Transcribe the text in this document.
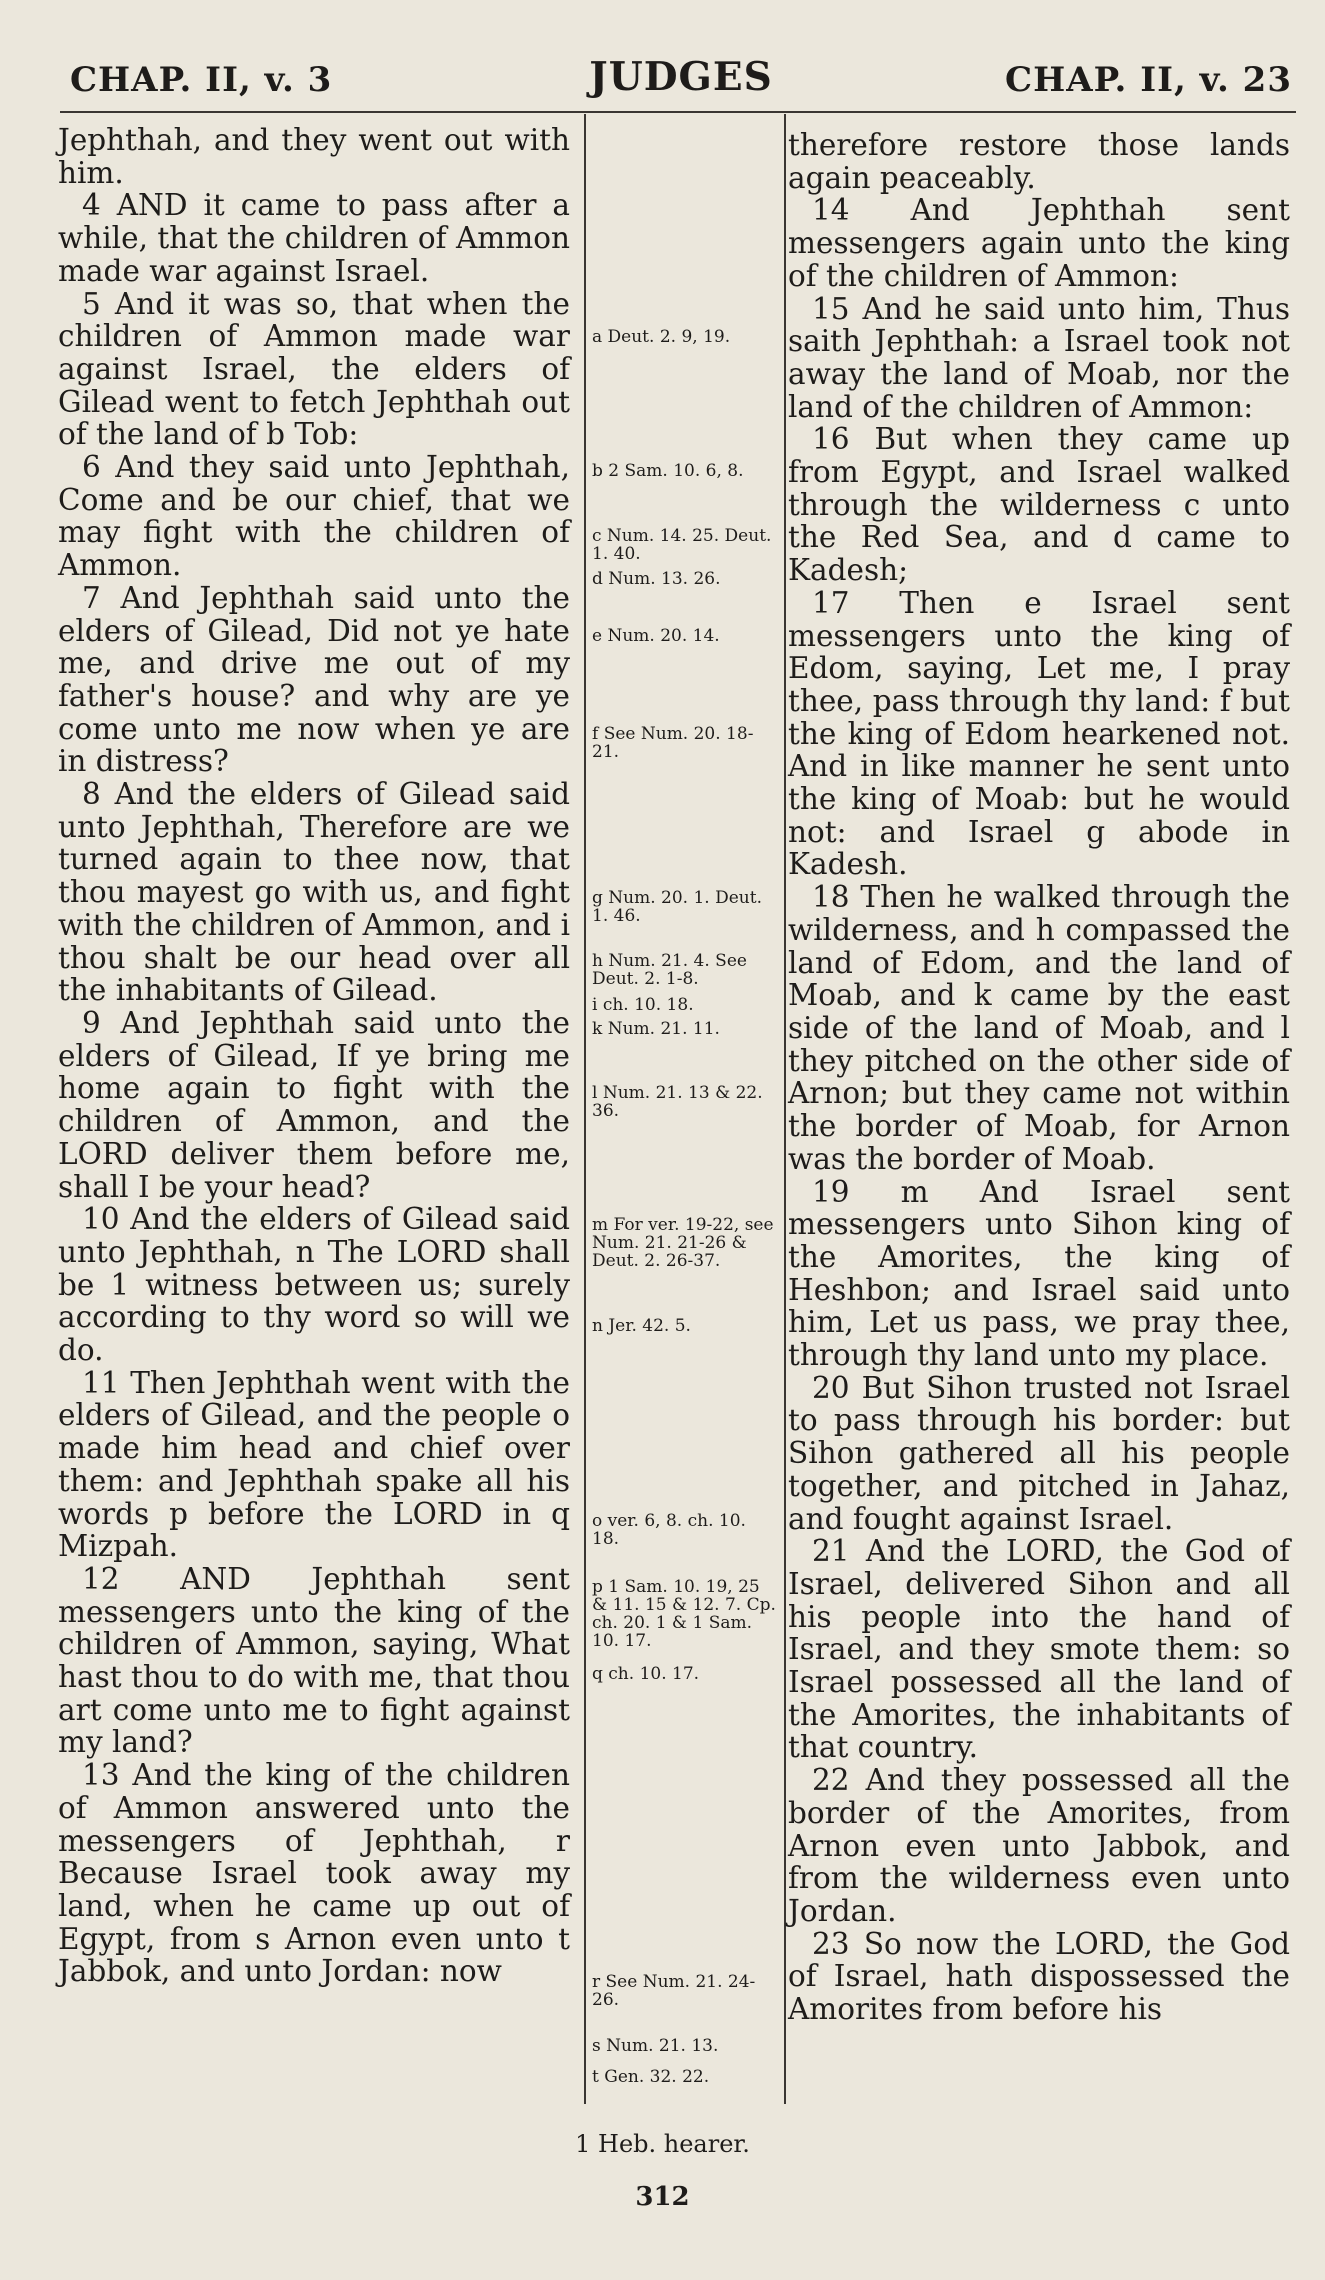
CHAP. II, v. 3	JUDGES	CHAP. II, v. 23

Jephthah, and they went out with him.

4 AND it came to pass after a while, that the children of Ammon made war against Israel.

5 And it was so, that when the children of Ammon made war against Israel, the elders of Gilead went to fetch Jephthah out of the land of b Tob:

6 And they said unto Jephthah, Come and be our chief, that we may fight with the children of Ammon.

7 And Jephthah said unto the elders of Gilead, Did not ye hate me, and drive me out of my father's house? and why are ye come unto me now when ye are in distress?

8 And the elders of Gilead said unto Jephthah, Therefore are we turned again to thee now, that thou mayest go with us, and fight with the children of Ammon, and i thou shalt be our head over all the inhabitants of Gilead.

9 And Jephthah said unto the elders of Gilead, If ye bring me home again to fight with the children of Ammon, and the LORD deliver them before me, shall I be your head?

10 And the elders of Gilead said unto Jephthah, n The LORD shall be 1 witness between us; surely according to thy word so will we do.

11 Then Jephthah went with the elders of Gilead, and the people o made him head and chief over them: and Jephthah spake all his words p before the LORD in q Mizpah.

12 AND Jephthah sent messengers unto the king of the children of Ammon, saying, What hast thou to do with me, that thou art come unto me to fight against my land?

13 And the king of the children of Ammon answered unto the messengers of Jephthah, r Because Israel took away my land, when he came up out of Egypt, from s Arnon even unto t Jabbok, and unto Jordan: now

a Deut. 2. 9, 19.
b 2 Sam. 10. 6, 8.
c Num. 14. 25. Deut. 1. 40.
d Num. 13. 26.
e Num. 20. 14.
f See Num. 20. 18-21.
g Num. 20. 1. Deut. 1. 46.
h Num. 21. 4. See Deut. 2. 1-8.
i ch. 10. 18.
k Num. 21. 11.
l Num. 21. 13 & 22. 36.
m For ver. 19-22, see Num. 21. 21-26 & Deut. 2. 26-37.
n Jer. 42. 5.
o ver. 6, 8. ch. 10. 18.
p 1 Sam. 10. 19, 25 & 11. 15 & 12. 7. Cp. ch. 20. 1 & 1 Sam. 10. 17.
q ch. 10. 17.
r See Num. 21. 24-26.
s Num. 21. 13.
t Gen. 32. 22.

therefore restore those lands again peaceably.

14 And Jephthah sent messengers again unto the king of the children of Ammon:

15 And he said unto him, Thus saith Jephthah: a Israel took not away the land of Moab, nor the land of the children of Ammon:

16 But when they came up from Egypt, and Israel walked through the wilderness c unto the Red Sea, and d came to Kadesh;

17 Then e Israel sent messengers unto the king of Edom, saying, Let me, I pray thee, pass through thy land: f but the king of Edom hearkened not. And in like manner he sent unto the king of Moab: but he would not: and Israel g abode in Kadesh.

18 Then he walked through the wilderness, and h compassed the land of Edom, and the land of Moab, and k came by the east side of the land of Moab, and l they pitched on the other side of Arnon; but they came not within the border of Moab, for Arnon was the border of Moab.

19 m And Israel sent messengers unto Sihon king of the Amorites, the king of Heshbon; and Israel said unto him, Let us pass, we pray thee, through thy land unto my place.

20 But Sihon trusted not Israel to pass through his border: but Sihon gathered all his people together, and pitched in Jahaz, and fought against Israel.

21 And the LORD, the God of Israel, delivered Sihon and all his people into the hand of Israel, and they smote them: so Israel possessed all the land of the Amorites, the inhabitants of that country.

22 And they possessed all the border of the Amorites, from Arnon even unto Jabbok, and from the wilderness even unto Jordan.

23 So now the LORD, the God of Israel, hath dispossessed the Amorites from before his

1 Heb. hearer.
312
